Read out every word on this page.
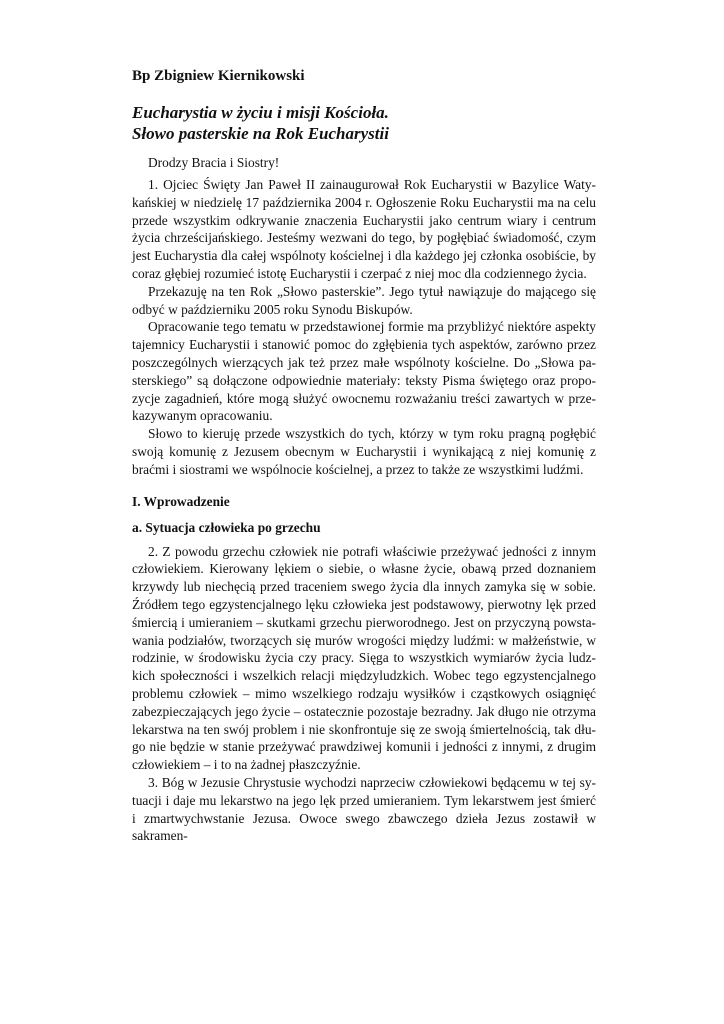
Bp Zbigniew Kiernikowski
Eucharystia w życiu i misji Kościoła.
Słowo pasterskie na Rok Eucharystii
Drodzy Bracia i Siostry!

1. Ojciec Święty Jan Paweł II zainaugurował Rok Eucharystii w Bazylice Waty-kańskiej w niedzielę 17 października 2004 r. Ogłoszenie Roku Eucharystii ma na celu przede wszystkim odkrywanie znaczenia Eucharystii jako centrum wiary i centrum życia chrześcijańskiego. Jesteśmy wezwani do tego, by pogłębiać świadomość, czym jest Eucharystia dla całej wspólnoty kościelnej i dla każdego jej członka osobiście, by coraz głębiej rozumieć istotę Eucharystii i czerpać z niej moc dla codziennego życia.

Przekazuję na ten Rok „Słowo pasterskie”. Jego tytuł nawiązuje do mającego się odbyć w październiku 2005 roku Synodu Biskupów.

Opracowanie tego tematu w przedstawionej formie ma przybliżyć niektóre aspekty tajemnicy Eucharystii i stanowić pomoc do zgłębienia tych aspektów, zarówno przez poszczególnych wierzących jak też przez małe wspólnoty kościelne. Do „Słowa pa-sterskiego” są dołączone odpowiednie materiały: teksty Pisma świętego oraz propo-zycje zagadnień, które mogą służyć owocnemu rozważaniu treści zawartych w prze-kazywanym opracowaniu.

Słowo to kieruję przede wszystkich do tych, którzy w tym roku pragną pogłębić swoją komunię z Jezusem obecnym w Eucharystii i wynikającą z niej komunię z braćmi i siostrami we wspólnocie kościelnej, a przez to także ze wszystkimi ludźmi.

I. Wprowadzenie
a. Sytuacja człowieka po grzechu

2. Z powodu grzechu człowiek nie potrafi właściwie przeżywać jedności z innym człowiekiem. Kierowany lękiem o siebie, o własne życie, obawą przed doznaniem krzywdy lub niechęcią przed traceniem swego życia dla innych zamyka się w sobie. Źródłem tego egzystencjalnego lęku człowieka jest podstawowy, pierwotny lęk przed śmiercią i umieraniem – skutkami grzechu pierworodnego. Jest on przyczyną powsta-wania podziałów, tworzących się murów wrogości między ludźmi: w małżeństwie, w rodzinie, w środowisku życia czy pracy. Sięga to wszystkich wymiarów życia ludz-kich społeczności i wszelkich relacji międzyludzkich. Wobec tego egzystencjalnego problemu człowiek – mimo wszelkiego rodzaju wysiłków i cząstkowych osiągnięć zabezpieczających jego życie – ostatecznie pozostaje bezradny. Jak długo nie otrzyma lekarstwa na ten swój problem i nie skonfrontuje się ze swoją śmiertelnością, tak dłu-go nie będzie w stanie przeżywać prawdziwej komunii i jedności z innymi, z drugim człowiekiem – i to na żadnej płaszczyźnie.

3. Bóg w Jezusie Chrystusie wychodzi naprzeciw człowiekowi będącemu w tej sy-tuacji i daje mu lekarstwo na jego lęk przed umieraniem. Tym lekarstwem jest śmierć i zmartwychwstanie Jezusa. Owoce swego zbawczego dzieła Jezus zostawił w sakramen-
